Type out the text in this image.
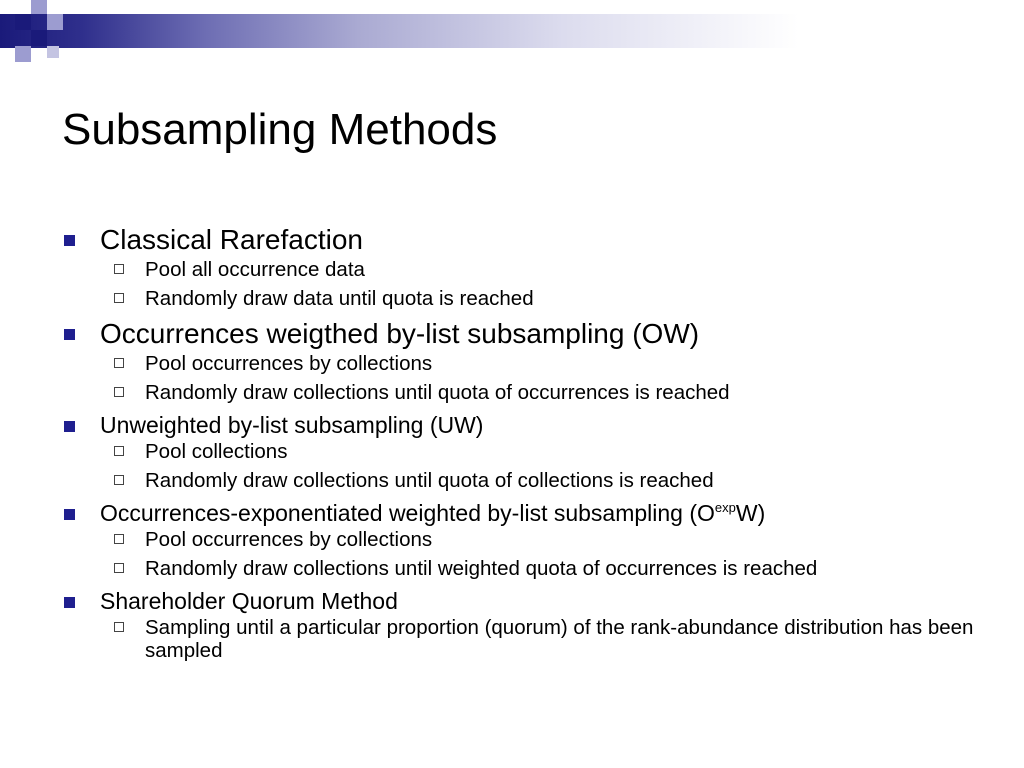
Subsampling Methods
Classical Rarefaction
Pool all occurrence data
Randomly draw data until quota is reached
Occurrences weigthed by-list subsampling (OW)
Pool occurrences by collections
Randomly draw collections until quota of occurrences is reached
Unweighted by-list subsampling (UW)
Pool collections
Randomly draw collections until quota of collections is reached
Occurrences-exponentiated weighted by-list subsampling $(O^{exp}W)$
Pool occurrences by collections
Randomly draw collections until weighted quota of occurrences is reached
Shareholder Quorum Method
Sampling until a particular proportion (quorum) of the rank-abundance distribution has been sampled
